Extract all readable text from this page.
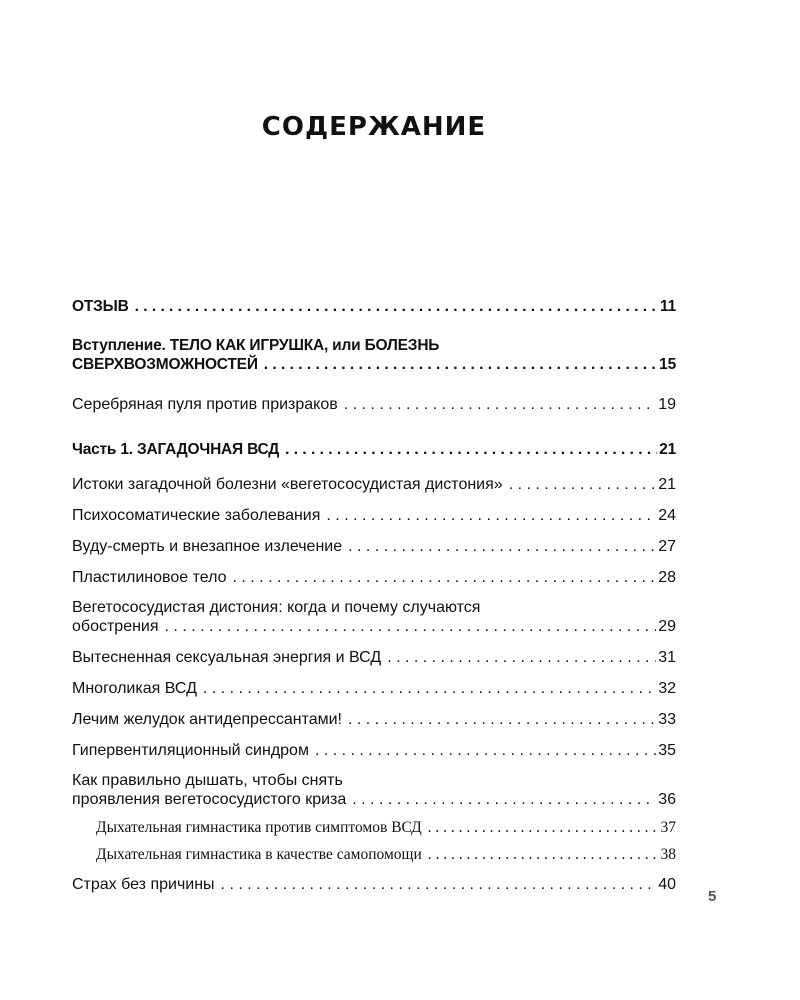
СОДЕРЖАНИЕ
ОТЗЫВ . . .	11
Вступление. ТЕЛО КАК ИГРУШКА, или БОЛЕЗНЬ
СВЕРХВОЗМОЖНОСТЕЙ . . .	15
Серебряная пуля против призраков . . .	19
Часть 1. ЗАГАДОЧНАЯ ВСД . . .	21
Истоки загадочной болезни «вегетососудистая дистония» . . .	21
Психосоматические заболевания . . .	24
Вуду-смерть и внезапное излечение . . .	27
Пластилиновое тело . . .	28
Вегетососудистая дистония: когда и почему случаются
обострения . . .	29
Вытесненная сексуальная энергия и ВСД . . .	31
Многоликая ВСД . . .	32
Лечим желудок антидепрессантами! . . .	33
Гипервентиляционный синдром . . .	35
Как правильно дышать, чтобы снять
проявления вегетососудистого криза . . .	36
Дыхательная гимнастика против симптомов ВСД . . .	37
Дыхательная гимнастика в качестве самопомощи . . .	38
Страх без причины . . .	40
5
